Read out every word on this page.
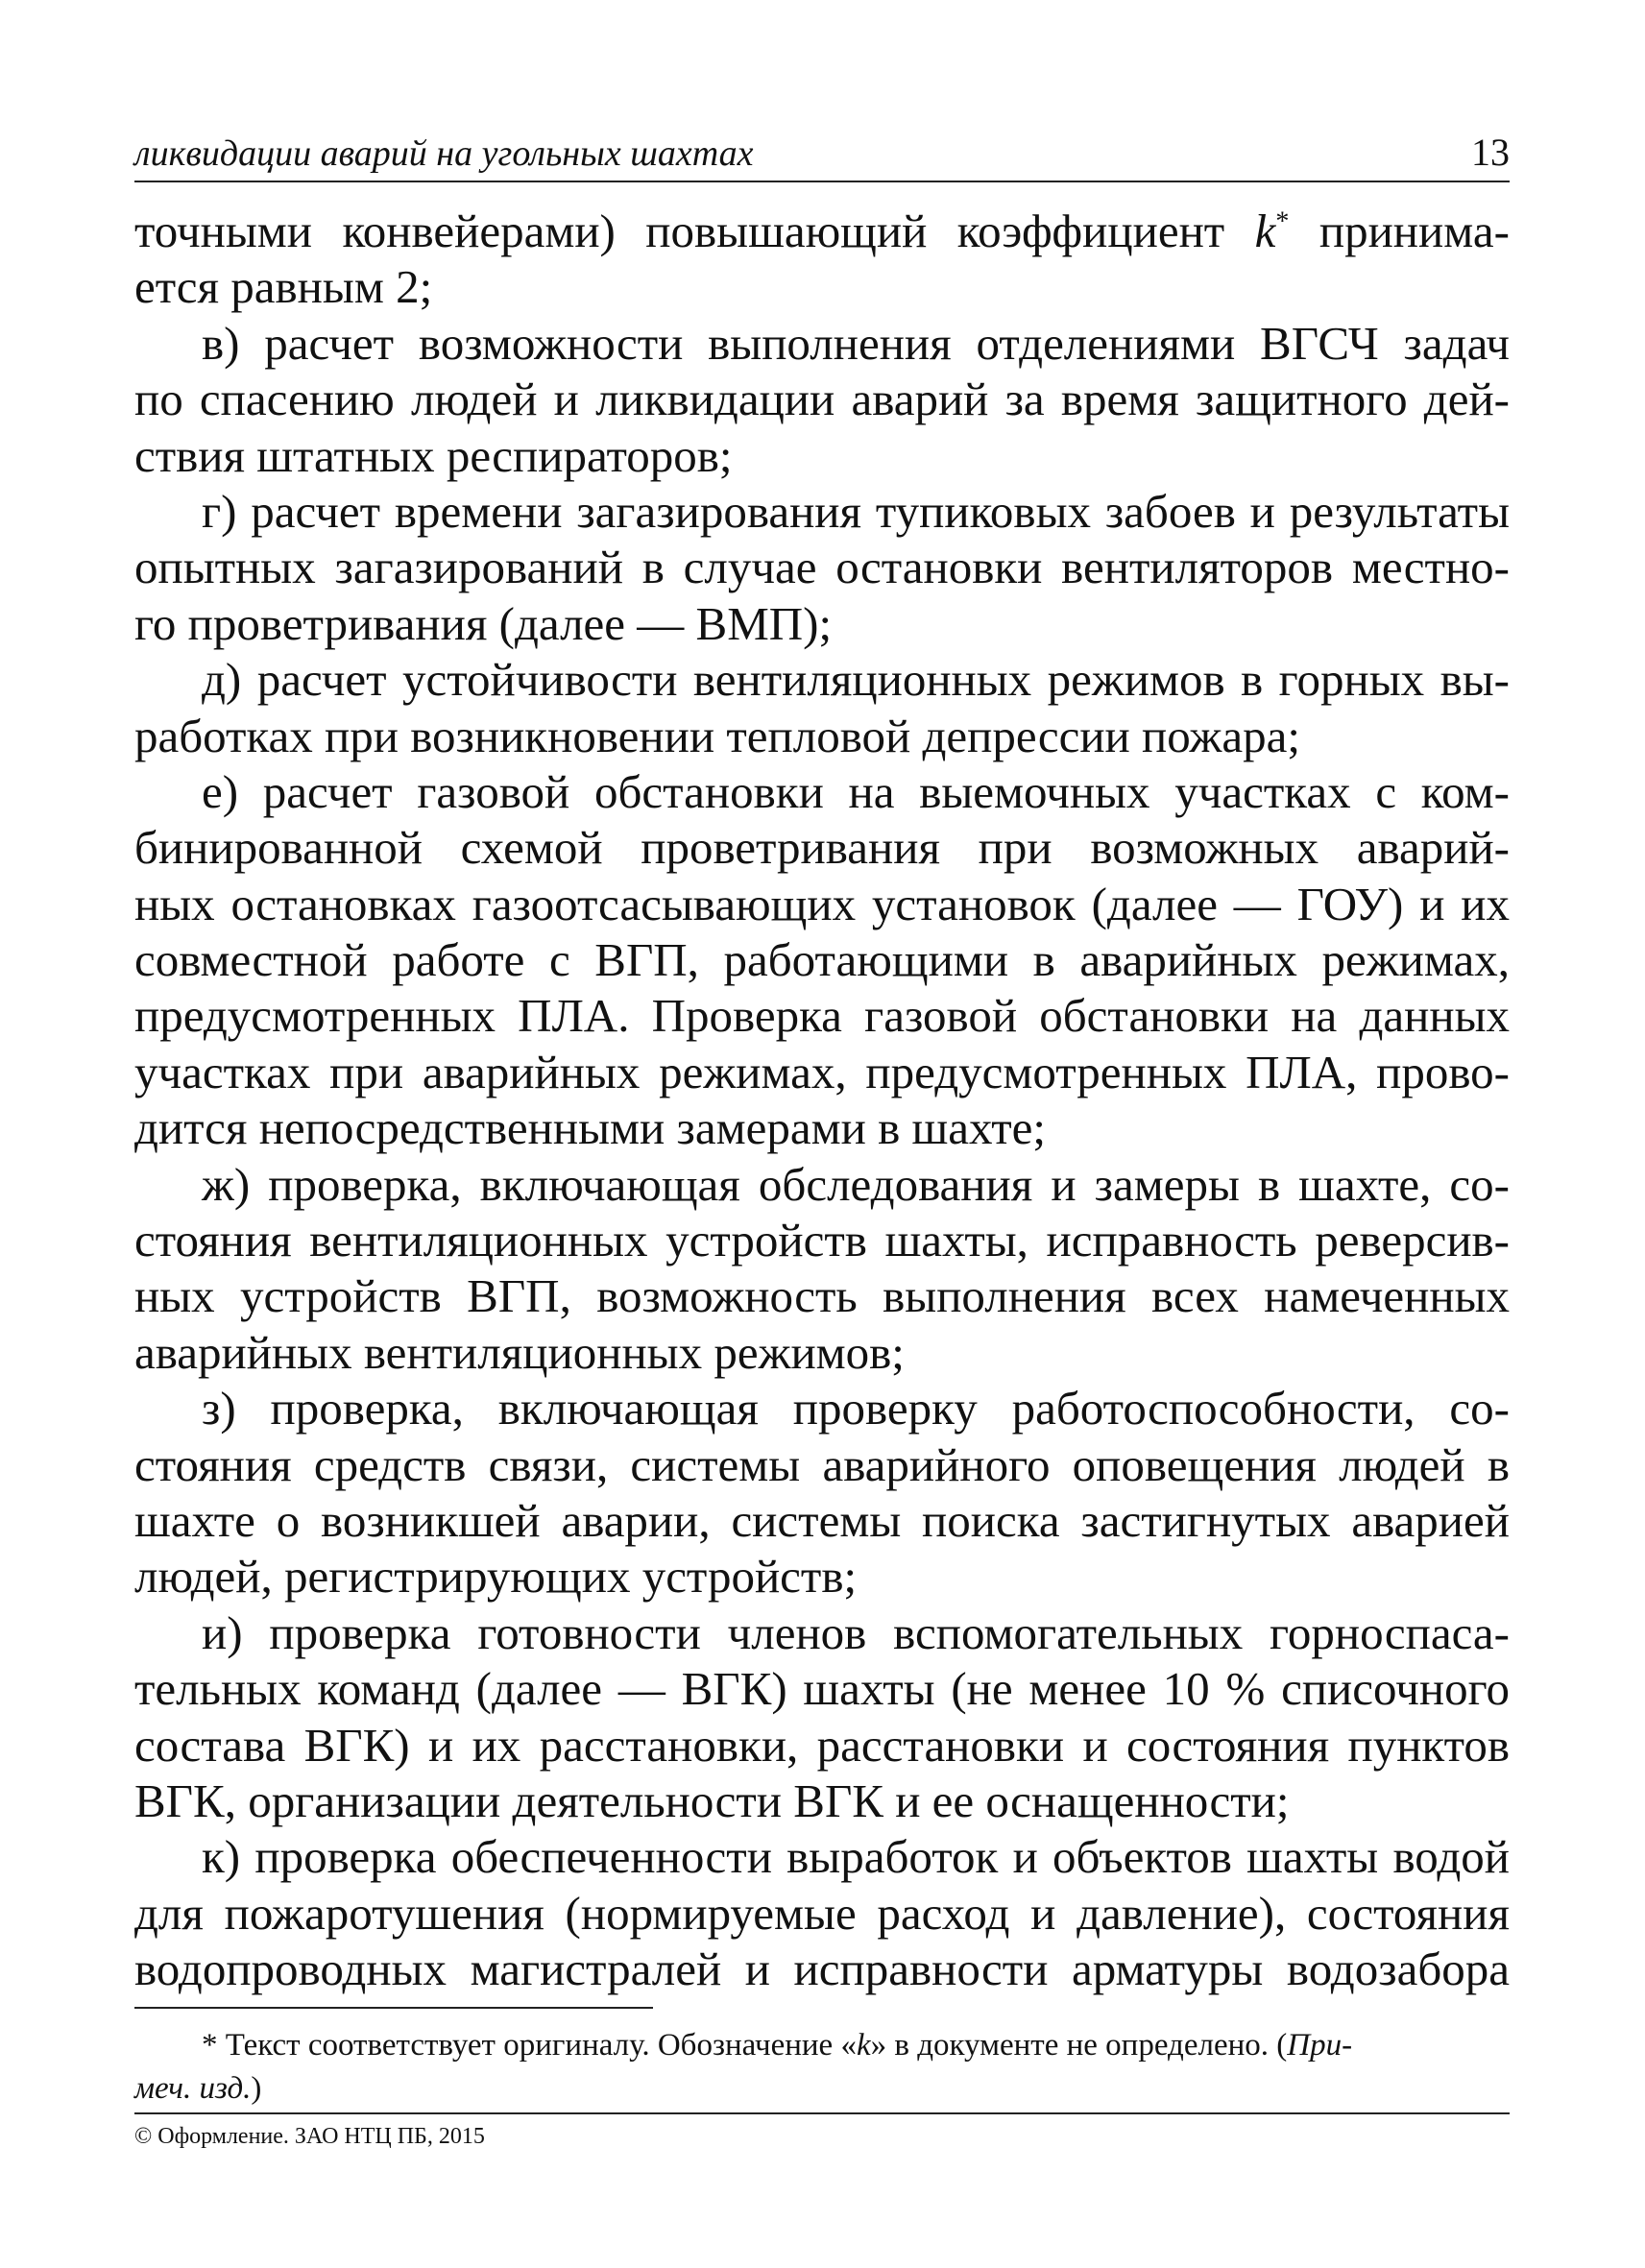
ликвидации аварий на угольных шахтах	13
точными конвейерами) повышающий коэффициент k* принима-
ется равным 2;
в) расчет возможности выполнения отделениями ВГСЧ задач
по спасению людей и ликвидации аварий за время защитного дей-
ствия штатных респираторов;
г) расчет времени загазирования тупиковых забоев и результаты
опытных загазирований в случае остановки вентиляторов местно-
го проветривания (далее — ВМП);
д) расчет устойчивости вентиляционных режимов в горных вы-
работках при возникновении тепловой депрессии пожара;
е) расчет газовой обстановки на выемочных участках с ком-
бинированной схемой проветривания при возможных аварий-
ных остановках газоотсасывающих установок (далее — ГОУ) и их
совместной работе с ВГП, работающими в аварийных режимах,
предусмотренных ПЛА. Проверка газовой обстановки на данных
участках при аварийных режимах, предусмотренных ПЛА, прово-
дится непосредственными замерами в шахте;
ж) проверка, включающая обследования и замеры в шахте, со-
стояния вентиляционных устройств шахты, исправность реверсив-
ных устройств ВГП, возможность выполнения всех намеченных
аварийных вентиляционных режимов;
з) проверка, включающая проверку работоспособности, со-
стояния средств связи, системы аварийного оповещения людей в
шахте о возникшей аварии, системы поиска застигнутых аварией
людей, регистрирующих устройств;
и) проверка готовности членов вспомогательных горноспаса-
тельных команд (далее — ВГК) шахты (не менее 10 % списочного
состава ВГК) и их расстановки, расстановки и состояния пунктов
ВГК, организации деятельности ВГК и ее оснащенности;
к) проверка обеспеченности выработок и объектов шахты водой
для пожаротушения (нормируемые расход и давление), состояния
водопроводных магистралей и исправности арматуры водозабора
* Текст соответствует оригиналу. Обозначение «k» в документе не определено. (При-
меч. изд.)
© Оформление. ЗАО НТЦ ПБ, 2015
